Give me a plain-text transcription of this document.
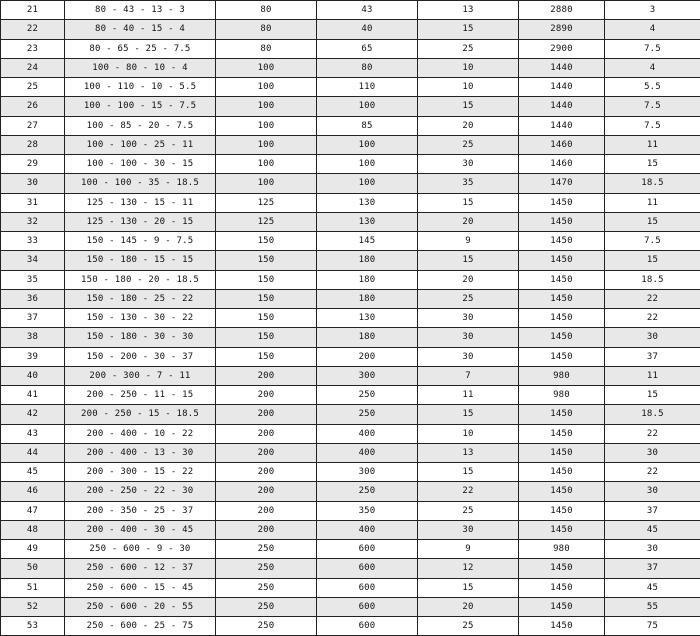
21	80 - 43 - 13 - 3	80	43	13	2880	3
22	80 - 40 - 15 - 4	80	40	15	2890	4
23	80 - 65 - 25 - 7.5	80	65	25	2900	7.5
24	100 - 80 - 10 - 4	100	80	10	1440	4
25	100 - 110 - 10 - 5.5	100	110	10	1440	5.5
26	100 - 100 - 15 - 7.5	100	100	15	1440	7.5
27	100 - 85 - 20 - 7.5	100	85	20	1440	7.5
28	100 - 100 - 25 - 11	100	100	25	1460	11
29	100 - 100 - 30 - 15	100	100	30	1460	15
30	100 - 100 - 35 - 18.5	100	100	35	1470	18.5
31	125 - 130 - 15 - 11	125	130	15	1450	11
32	125 - 130 - 20 - 15	125	130	20	1450	15
33	150 - 145 - 9 - 7.5	150	145	9	1450	7.5
34	150 - 180 - 15 - 15	150	180	15	1450	15
35	150 - 180 - 20 - 18.5	150	180	20	1450	18.5
36	150 - 180 - 25 - 22	150	180	25	1450	22
37	150 - 130 - 30 - 22	150	130	30	1450	22
38	150 - 180 - 30 - 30	150	180	30	1450	30
39	150 - 200 - 30 - 37	150	200	30	1450	37
40	200 - 300 - 7 - 11	200	300	7	980	11
41	200 - 250 - 11 - 15	200	250	11	980	15
42	200 - 250 - 15 - 18.5	200	250	15	1450	18.5
43	200 - 400 - 10 - 22	200	400	10	1450	22
44	200 - 400 - 13 - 30	200	400	13	1450	30
45	200 - 300 - 15 - 22	200	300	15	1450	22
46	200 - 250 - 22 - 30	200	250	22	1450	30
47	200 - 350 - 25 - 37	200	350	25	1450	37
48	200 - 400 - 30 - 45	200	400	30	1450	45
49	250 - 600 - 9 - 30	250	600	9	980	30
50	250 - 600 - 12 - 37	250	600	12	1450	37
51	250 - 600 - 15 - 45	250	600	15	1450	45
52	250 - 600 - 20 - 55	250	600	20	1450	55
53	250 - 600 - 25 - 75	250	600	25	1450	75
